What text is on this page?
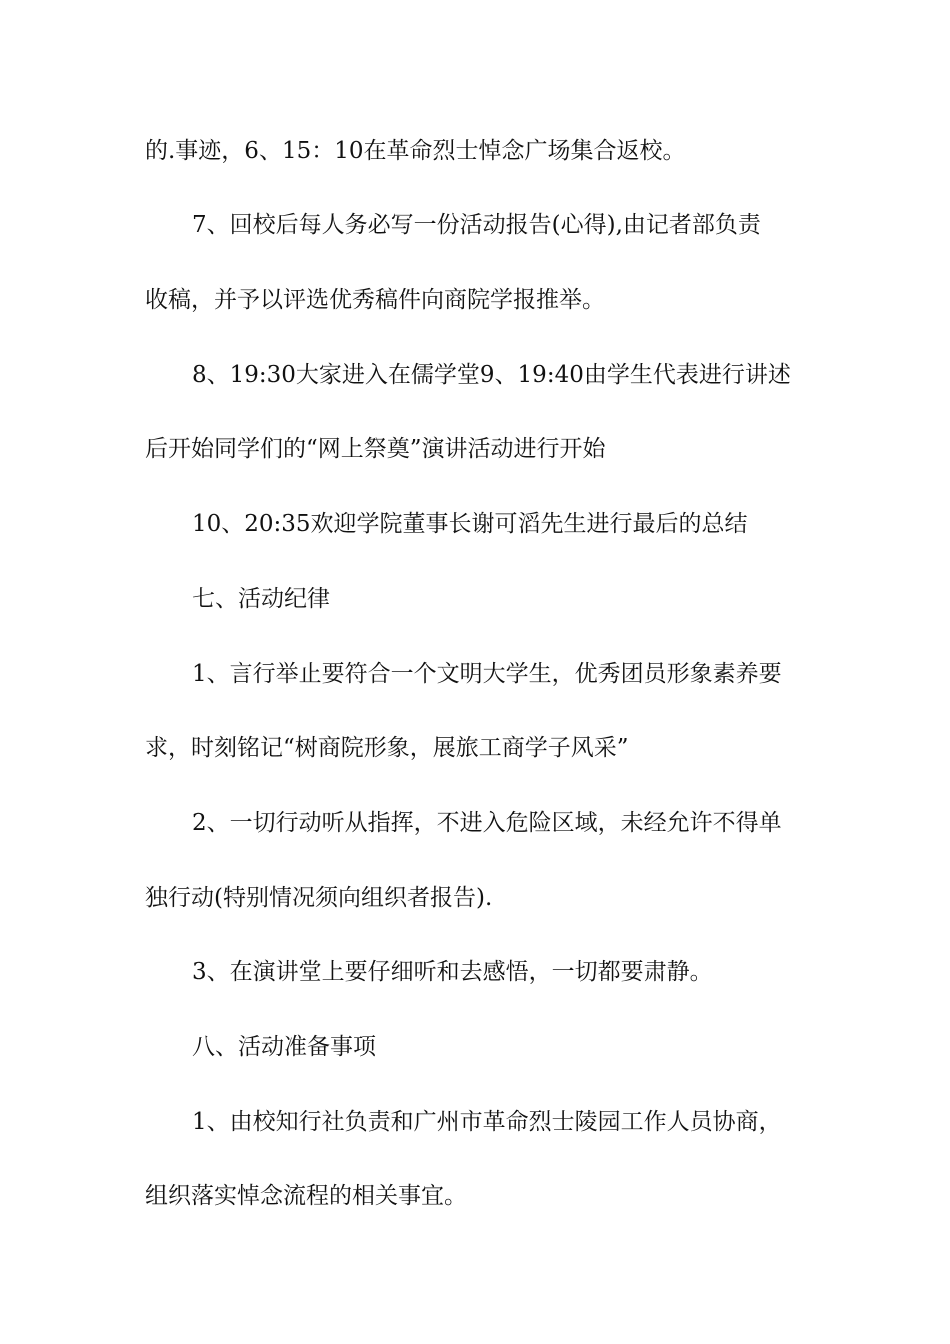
的.事迹，6、15：10在革命烈士悼念广场集合返校。
7、回校后每人务必写一份活动报告(心得),由记者部负责
收稿，并予以评选优秀稿件向商院学报推举。
8、19:30大家进入在儒学堂9、19:40由学生代表进行讲述
后开始同学们的“网上祭奠”演讲活动进行开始
10、20:35欢迎学院董事长谢可滔先生进行最后的总结
七、活动纪律
1、言行举止要符合一个文明大学生，优秀团员形象素养要
求，时刻铭记“树商院形象，展旅工商学子风采”
2、一切行动听从指挥，不进入危险区域，未经允许不得单
独行动(特别情况须向组织者报告).
3、在演讲堂上要仔细听和去感悟，一切都要肃静。
八、活动准备事项
1、由校知行社负责和广州市革命烈士陵园工作人员协商，
组织落实悼念流程的相关事宜。
